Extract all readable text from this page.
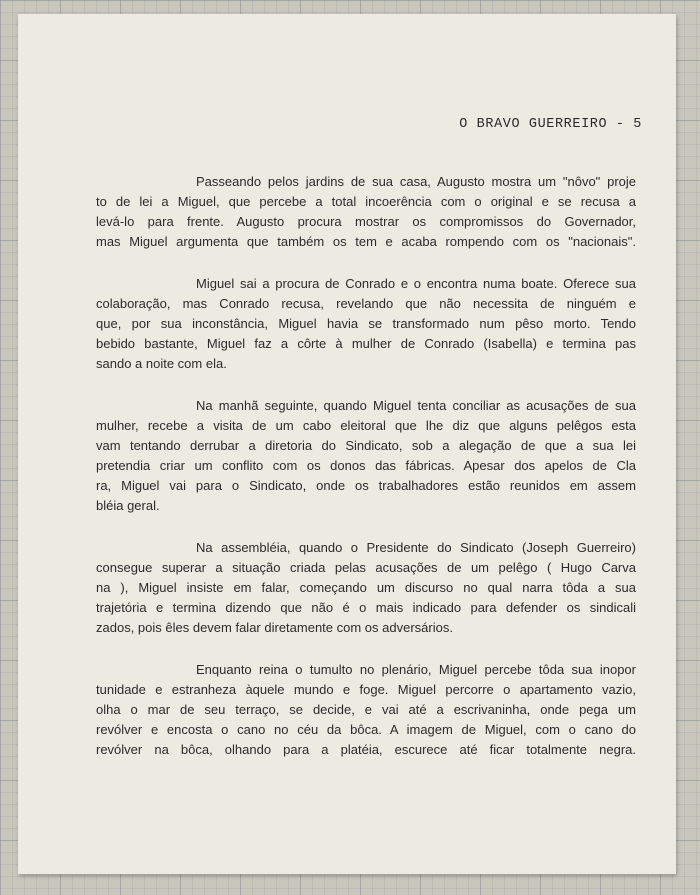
O BRAVO GUERREIRO - 5
Passeando pelos jardins de sua casa, Augusto mostra um "nôvo" proje
to de lei a Miguel, que percebe a total incoerência com o original e se recusa a
levá-lo para frente. Augusto procura mostrar os compromissos do Governador,
mas Miguel argumenta que também os tem e acaba rompendo com os "nacionais".
Miguel sai a procura de Conrado e o encontra numa boate. Oferece sua
colaboração, mas Conrado recusa, revelando que não necessita de ninguém e
que, por sua inconstância, Miguel havia se transformado num pêso morto. Tendo
bebido bastante, Miguel faz a côrte à mulher de Conrado (Isabella) e termina pas
sando a noite com ela.
Na manhã seguinte, quando Miguel tenta conciliar as acusações de sua
mulher, recebe a visita de um cabo eleitoral que lhe diz que alguns pelêgos esta
vam tentando derrubar a diretoria do Sindicato, sob a alegação de que a sua lei
pretendia criar um conflito com os donos das fábricas. Apesar dos apelos de Cla
ra, Miguel vai para o Sindicato, onde os trabalhadores estão reunidos em assem
bléia geral.
Na assembléia, quando o Presidente do Sindicato (Joseph Guerreiro)
consegue superar a situação criada pelas acusações de um pelêgo ( Hugo Carva
na ), Miguel insiste em falar, começando um discurso no qual narra tôda a sua
trajetória e termina dizendo que não é o mais indicado para defender os sindicali
zados, pois êles devem falar diretamente com os adversários.
Enquanto reina o tumulto no plenário, Miguel percebe tôda sua inopor
tunidade e estranheza àquele mundo e foge. Miguel percorre o apartamento vazio,
olha o mar de seu terraço, se decide, e vai até a escrivaninha, onde pega um
revólver e encosta o cano no céu da bôca. A imagem de Miguel, com o cano do
revólver na bôca, olhando para a platéia, escurece até ficar totalmente negra.
